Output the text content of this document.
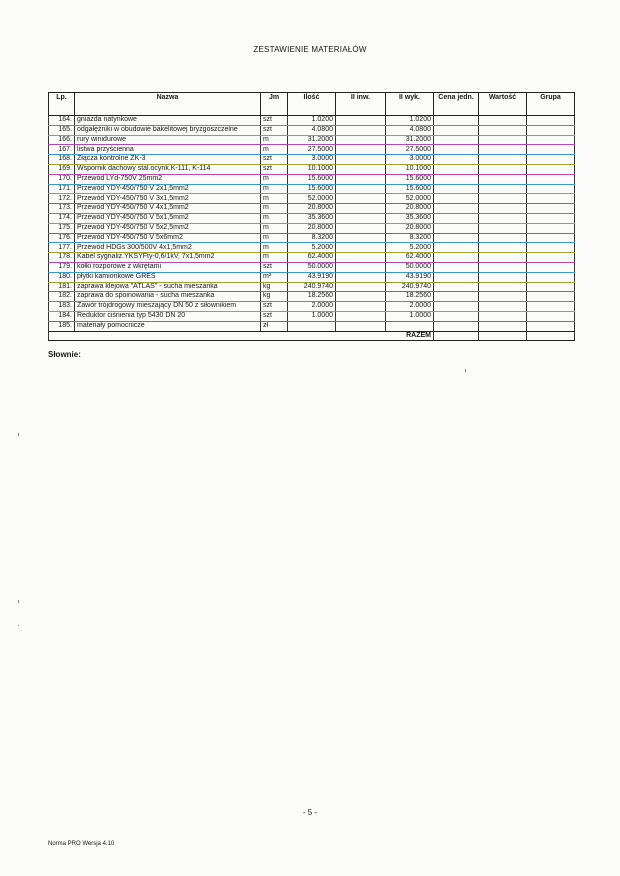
ZESTAWIENIE MATERIAŁÓW
Lp.	Nazwa	Jm	Ilość	II inw.	II wyk.	Cena jedn.	Wartość	Grupa
164.	gniazda natynkowe	szt	1.0200		1.0200			
165.	odgałęźniki w obudowie bakelitowej bryzgoszczelne	szt	4.0800		4.0800			
166.	rury winidurowe	m	31.2000		31.2000			
167.	listwa przyścienna	m	27.5000		27.5000			
168.	Złącza kontrolne ZK-3	szt	3.0000		3.0000			
169.	Wspornik dachowy stal.ocynk.K-111, K-114	szt	10.1000		10.1000			
170.	Przewód LYd-750V 25mm2	m	15.6000		15.6000			
171.	Przewód YDY-450/750 V 2x1,5mm2	m	15.6000		15.6000			
172.	Przewód YDY-450/750 V 3x1,5mm2	m	52.0000		52.0000			
173.	Przewód YDY-450/750 V 4x1,5mm2	m	20.8000		20.8000			
174.	Przewód YDY-450/750 V 5x1,5mm2	m	35.3600		35.3600			
175.	Przewód YDY-450/750 V 5x2,5mm2	m	20.8000		20.8000			
176.	Przewód YDY-450/750 V 5x6mm2	m	8.3200		8.3200			
177.	Przewód HDGs 300/500V 4x1,5mm2	m	5.2000		5.2000			
178.	Kabel sygnaliz.YKSYFty-0,6/1kV, 7x1,5mm2	m	62.4000		62.4000			
179.	kołki rozporowe z wkrętami	szt	50.0000		50.0000			
180.	płytki kamionkowe GRES	m²	43.9190		43.9190			
181.	zaprawa klejowa "ATLAS" - sucha mieszanka	kg	240.9740		240.9740			
182.	zaprawa do spoinowania - sucha mieszanka	kg	18.2560		18.2560			
183.	Zawór trójdrogowy mieszający DN 50 z siłownikiem	szt	2.0000		2.0000			
184.	Reduktor ciśnienia typ 5430 DN 20	szt	1.0000		1.0000			
185.	materiały pomocnicze	zł						
RAZEM								
Słownie:
- 5 -
Norma PRO Wersja 4.10
